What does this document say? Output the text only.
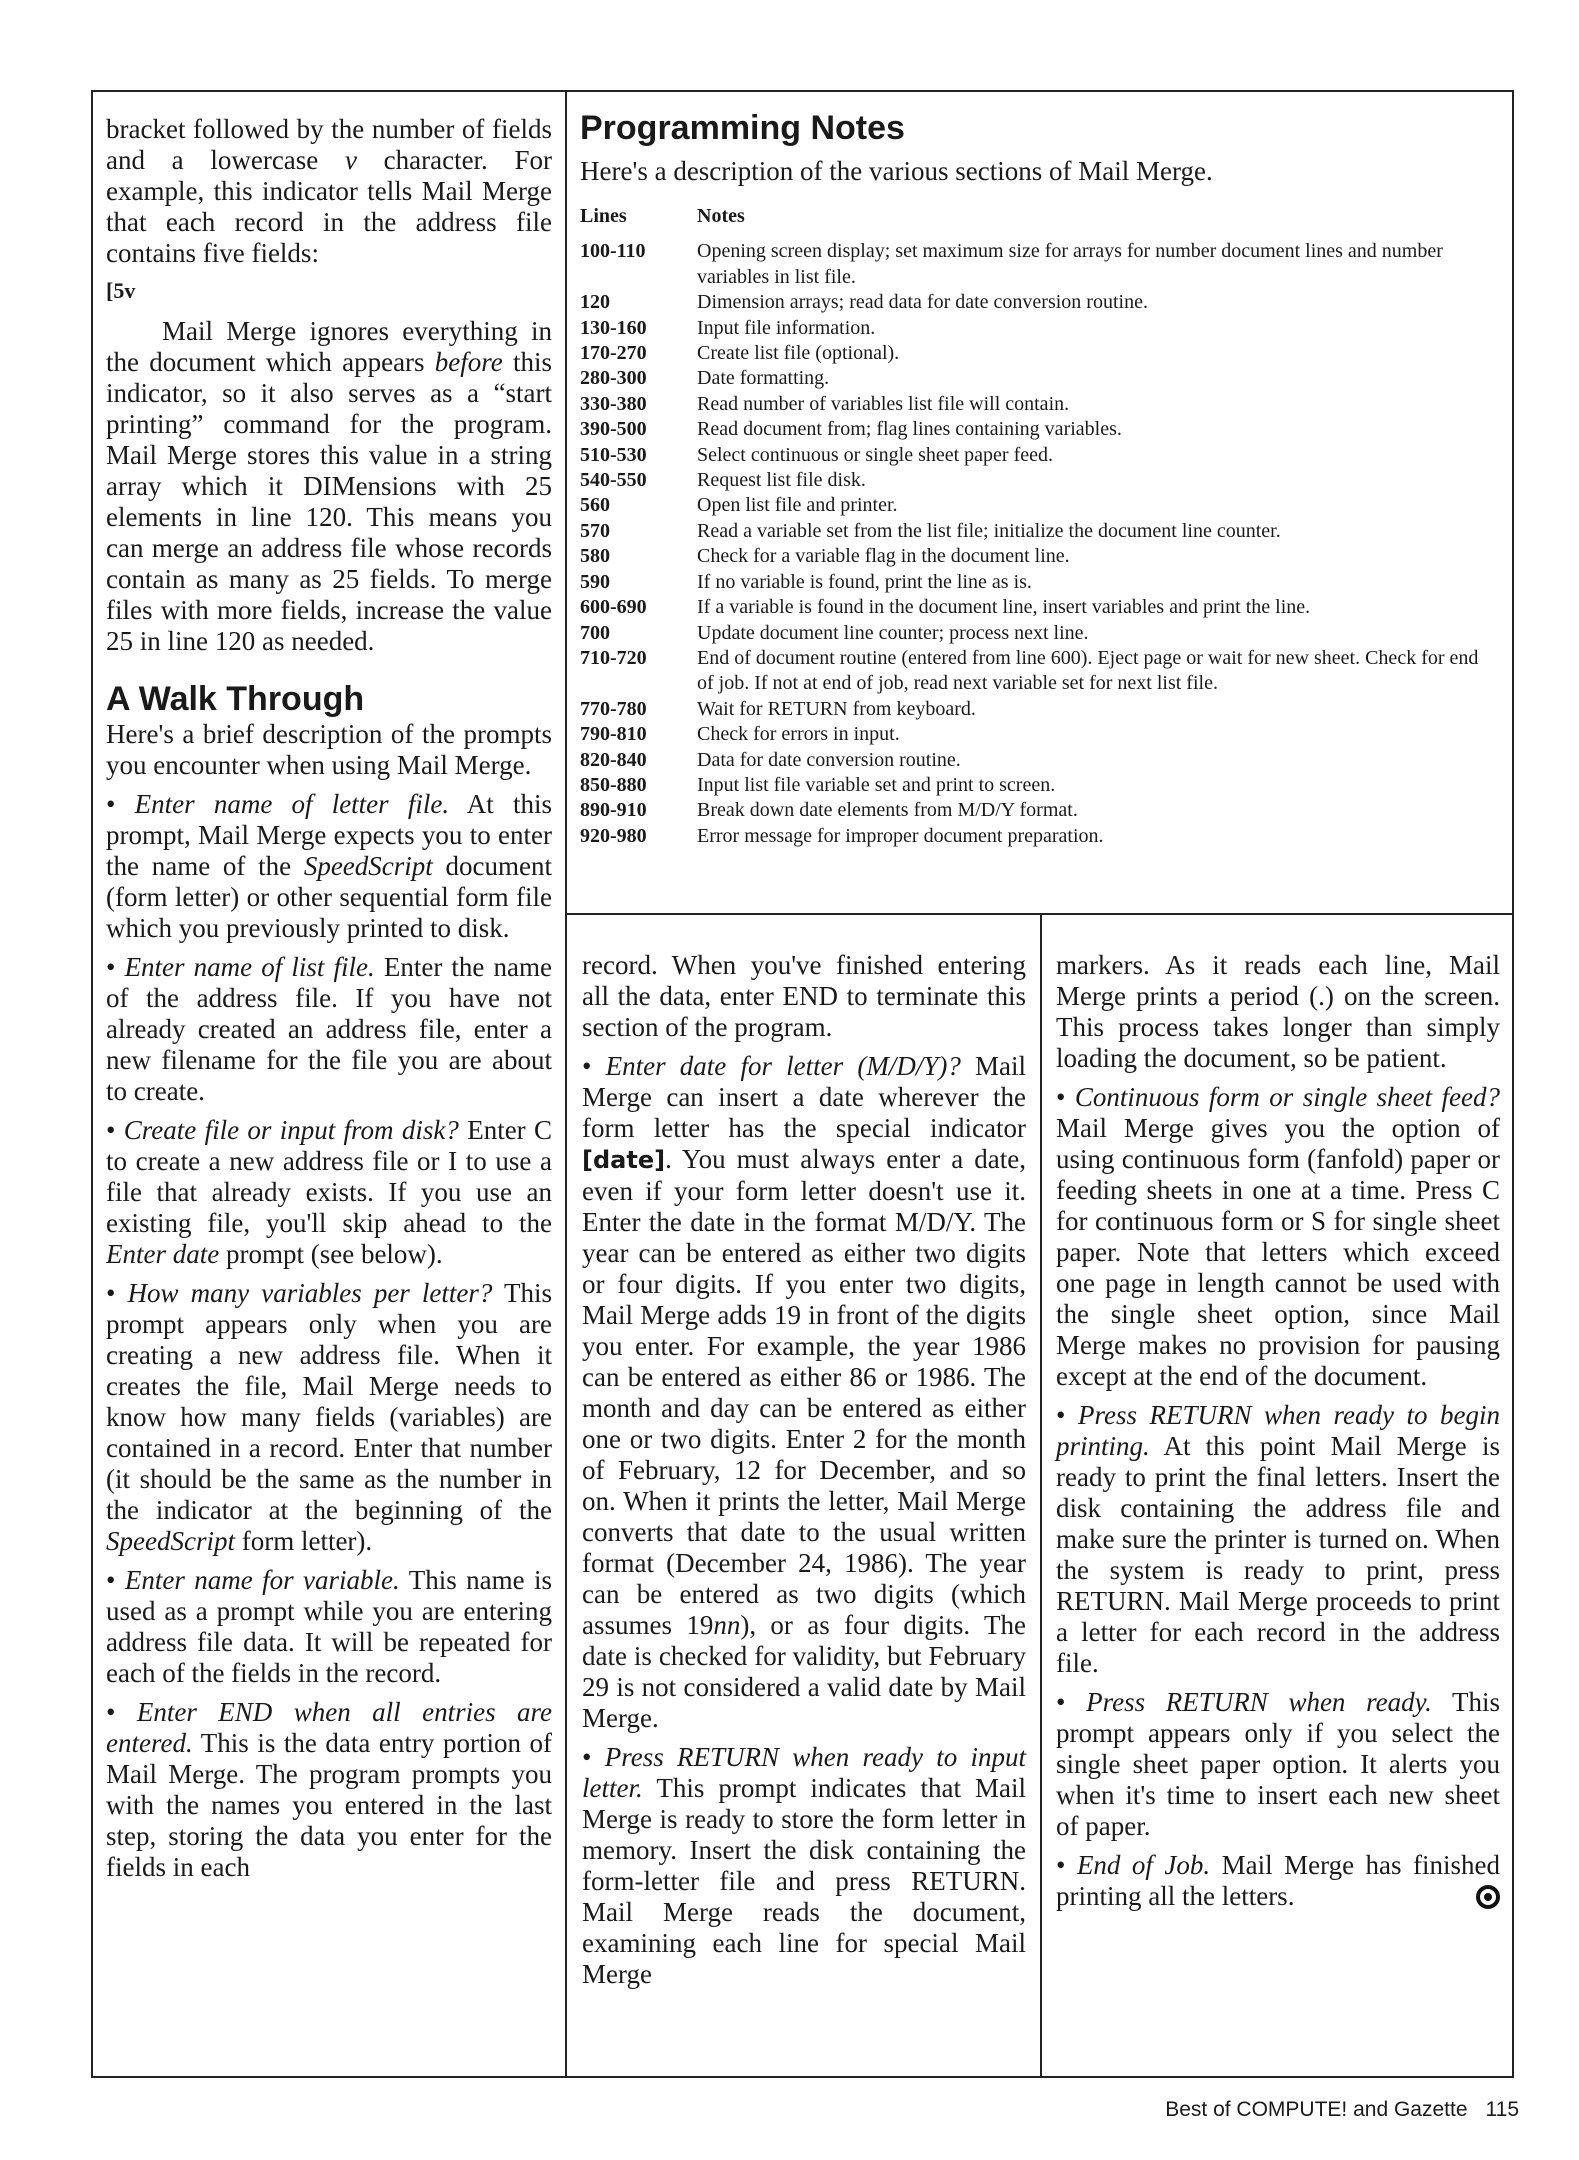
bracket followed by the number of fields and a lowercase v character. For example, this indicator tells Mail Merge that each record in the address file contains five fields:

[5v

Mail Merge ignores everything in the document which appears before this indicator, so it also serves as a “start printing” command for the program. Mail Merge stores this value in a string array which it DIMensions with 25 elements in line 120. This means you can merge an address file whose records contain as many as 25 fields. To merge files with more fields, increase the value 25 in line 120 as needed.

A Walk Through

Here's a brief description of the prompts you encounter when using Mail Merge.

• Enter name of letter file. At this prompt, Mail Merge expects you to enter the name of the SpeedScript document (form letter) or other sequential form file which you previously printed to disk.

• Enter name of list file. Enter the name of the address file. If you have not already created an address file, enter a new filename for the file you are about to create.

• Create file or input from disk? Enter C to create a new address file or I to use a file that already exists. If you use an existing file, you'll skip ahead to the Enter date prompt (see below).

• How many variables per letter? This prompt appears only when you are creating a new address file. When it creates the file, Mail Merge needs to know how many fields (variables) are contained in a record. Enter that number (it should be the same as the number in the indicator at the beginning of the SpeedScript form letter).

• Enter name for variable. This name is used as a prompt while you are entering address file data. It will be repeated for each of the fields in the record.

• Enter END when all entries are entered. This is the data entry portion of Mail Merge. The program prompts you with the names you entered in the last step, storing the data you enter for the fields in each

Programming Notes
Here's a description of the various sections of Mail Merge.
Lines	Notes
100-110	Opening screen display; set maximum size for arrays for number document lines and number variables in list file.
120	Dimension arrays; read data for date conversion routine.
130-160	Input file information.
170-270	Create list file (optional).
280-300	Date formatting.
330-380	Read number of variables list file will contain.
390-500	Read document from; flag lines containing variables.
510-530	Select continuous or single sheet paper feed.
540-550	Request list file disk.
560	Open list file and printer.
570	Read a variable set from the list file; initialize the document line counter.
580	Check for a variable flag in the document line.
590	If no variable is found, print the line as is.
600-690	If a variable is found in the document line, insert variables and print the line.
700	Update document line counter; process next line.
710-720	End of document routine (entered from line 600). Eject page or wait for new sheet. Check for end of job. If not at end of job, read next variable set for next list file.
770-780	Wait for RETURN from keyboard.
790-810	Check for errors in input.
820-840	Data for date conversion routine.
850-880	Input list file variable set and print to screen.
890-910	Break down date elements from M/D/Y format.
920-980	Error message for improper document preparation.

record. When you've finished entering all the data, enter END to terminate this section of the program.

• Enter date for letter (M/D/Y)? Mail Merge can insert a date wherever the form letter has the special indicator [date]. You must always enter a date, even if your form letter doesn't use it. Enter the date in the format M/D/Y. The year can be entered as either two digits or four digits. If you enter two digits, Mail Merge adds 19 in front of the digits you enter. For example, the year 1986 can be entered as either 86 or 1986. The month and day can be entered as either one or two digits. Enter 2 for the month of February, 12 for December, and so on. When it prints the letter, Mail Merge converts that date to the usual written format (December 24, 1986). The year can be entered as two digits (which assumes 19nn), or as four digits. The date is checked for validity, but February 29 is not considered a valid date by Mail Merge.

• Press RETURN when ready to input letter. This prompt indicates that Mail Merge is ready to store the form letter in memory. Insert the disk containing the form-letter file and press RETURN. Mail Merge reads the document, examining each line for special Mail Merge

markers. As it reads each line, Mail Merge prints a period (.) on the screen. This process takes longer than simply loading the document, so be patient.

• Continuous form or single sheet feed? Mail Merge gives you the option of using continuous form (fanfold) paper or feeding sheets in one at a time. Press C for continuous form or S for single sheet paper. Note that letters which exceed one page in length cannot be used with the single sheet option, since Mail Merge makes no provision for pausing except at the end of the document.

• Press RETURN when ready to begin printing. At this point Mail Merge is ready to print the final letters. Insert the disk containing the address file and make sure the printer is turned on. When the system is ready to print, press RETURN. Mail Merge proceeds to print a letter for each record in the address file.

• Press RETURN when ready. This prompt appears only if you select the single sheet paper option. It alerts you when it's time to insert each new sheet of paper.

• End of Job. Mail Merge has finished printing all the letters.

Best of COMPUTE! and Gazette 115
